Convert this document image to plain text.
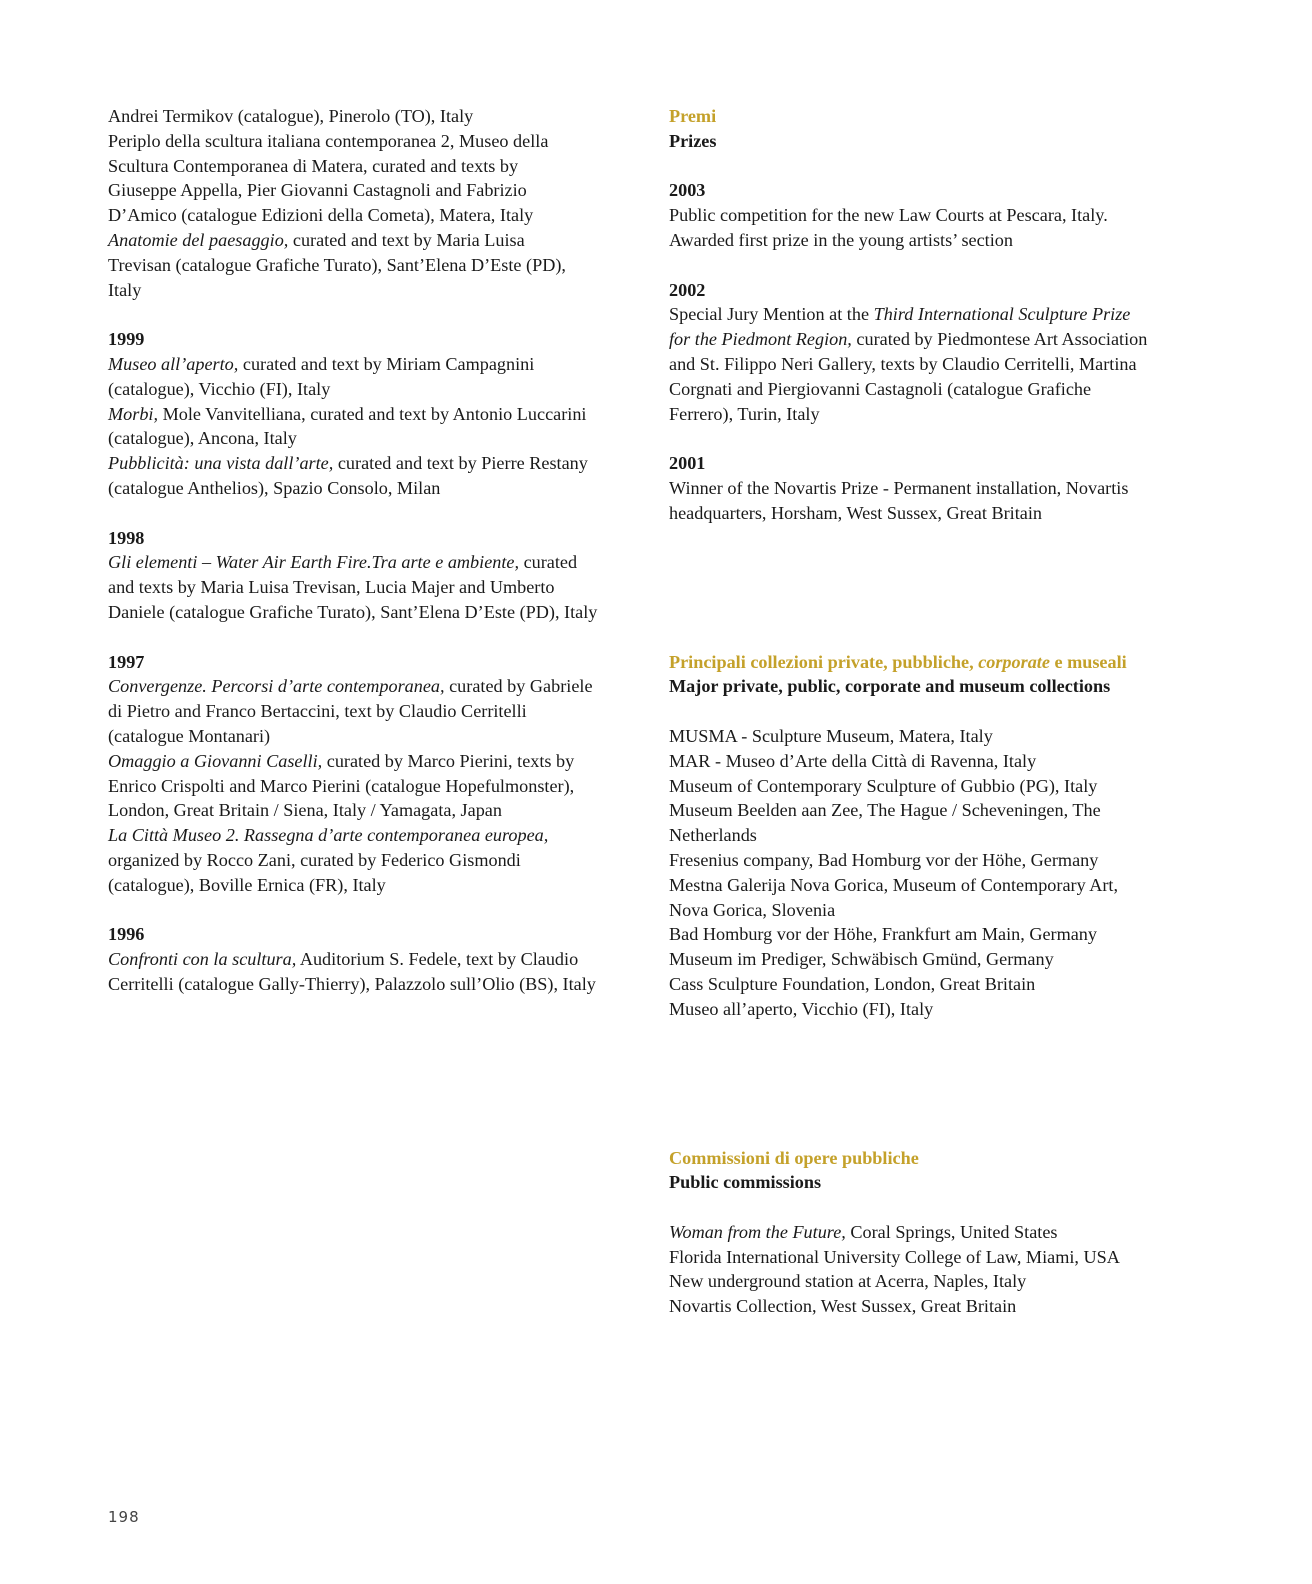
Andrei Termikov (catalogue), Pinerolo (TO), Italy
Periplo della scultura italiana contemporanea 2, Museo della
Scultura Contemporanea di Matera, curated and texts by
Giuseppe Appella, Pier Giovanni Castagnoli and Fabrizio
D’Amico (catalogue Edizioni della Cometa), Matera, Italy
Anatomie del paesaggio, curated and text by Maria Luisa
Trevisan (catalogue Grafiche Turato), Sant’Elena D’Este (PD),
Italy
1999
Museo all’aperto, curated and text by Miriam Campagnini
(catalogue), Vicchio (FI), Italy
Morbi, Mole Vanvitelliana, curated and text by Antonio Luccarini
(catalogue), Ancona, Italy
Pubblicità: una vista dall’arte, curated and text by Pierre Restany
(catalogue Anthelios), Spazio Consolo, Milan
1998
Gli elementi – Water Air Earth Fire.Tra arte e ambiente, curated
and texts by Maria Luisa Trevisan, Lucia Majer and Umberto
Daniele (catalogue Grafiche Turato), Sant’Elena D’Este (PD), Italy
1997
Convergenze. Percorsi d’arte contemporanea, curated by Gabriele
di Pietro and Franco Bertaccini, text by Claudio Cerritelli
(catalogue Montanari)
Omaggio a Giovanni Caselli, curated by Marco Pierini, texts by
Enrico Crispolti and Marco Pierini (catalogue Hopefulmonster),
London, Great Britain / Siena, Italy / Yamagata, Japan
La Città Museo 2. Rassegna d’arte contemporanea europea,
organized by Rocco Zani, curated by Federico Gismondi
(catalogue), Boville Ernica (FR), Italy
1996
Confronti con la scultura, Auditorium S. Fedele, text by Claudio
Cerritelli (catalogue Gally-Thierry), Palazzolo sull’Olio (BS), Italy
Premi
Prizes
2003
Public competition for the new Law Courts at Pescara, Italy.
Awarded first prize in the young artists’ section
2002
Special Jury Mention at the Third International Sculpture Prize
for the Piedmont Region, curated by Piedmontese Art Association
and St. Filippo Neri Gallery, texts by Claudio Cerritelli, Martina
Corgnati and Piergiovanni Castagnoli (catalogue Grafiche
Ferrero), Turin, Italy
2001
Winner of the Novartis Prize - Permanent installation, Novartis
headquarters, Horsham, West Sussex, Great Britain
Principali collezioni private, pubbliche, corporate e museali
Major private, public, corporate and museum collections
MUSMA - Sculpture Museum, Matera, Italy
MAR - Museo d’Arte della Città di Ravenna, Italy
Museum of Contemporary Sculpture of Gubbio (PG), Italy
Museum Beelden aan Zee, The Hague / Scheveningen, The
Netherlands
Fresenius company, Bad Homburg vor der Höhe, Germany
Mestna Galerija Nova Gorica, Museum of Contemporary Art,
Nova Gorica, Slovenia
Bad Homburg vor der Höhe, Frankfurt am Main, Germany
Museum im Prediger, Schwäbisch Gmünd, Germany
Cass Sculpture Foundation, London, Great Britain
Museo all’aperto, Vicchio (FI), Italy
Commissioni di opere pubbliche
Public commissions
Woman from the Future, Coral Springs, United States
Florida International University College of Law, Miami, USA
New underground station at Acerra, Naples, Italy
Novartis Collection, West Sussex, Great Britain
198
